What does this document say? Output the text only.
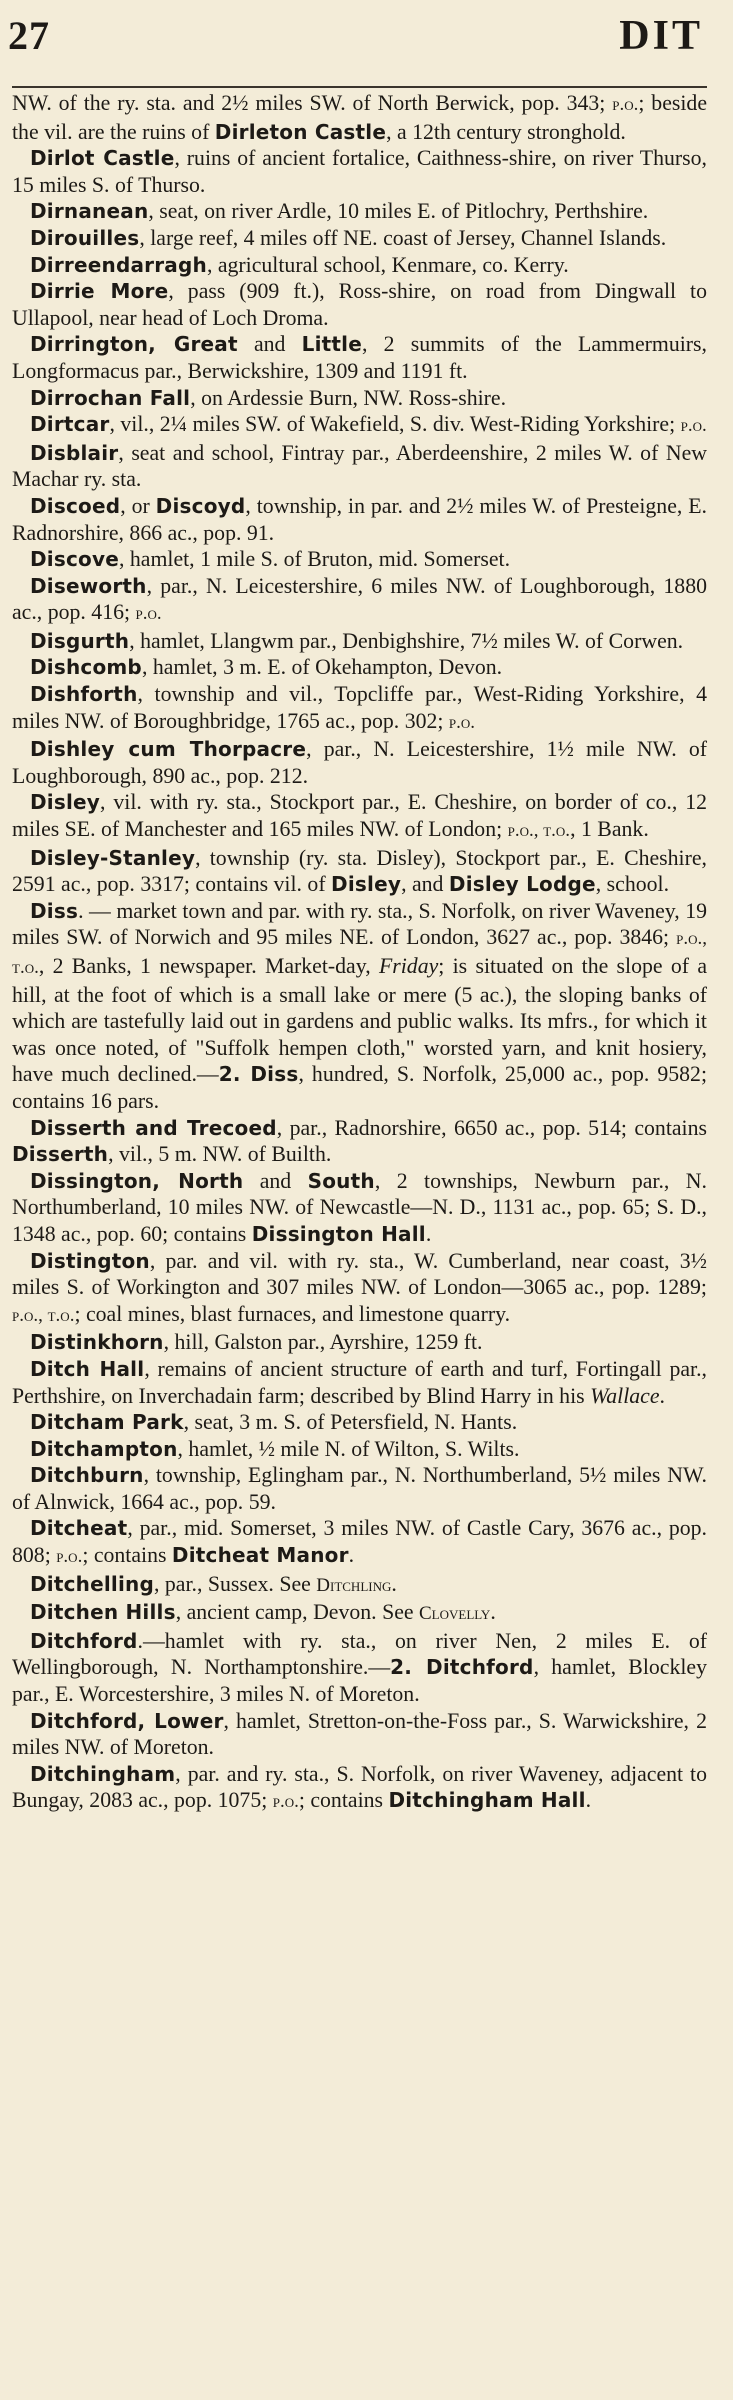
27	DIT

NW. of the ry. sta. and 2½ miles SW. of North Berwick, pop. 343; p.o.; beside the vil. are the ruins of Dirleton Castle, a 12th century stronghold.

Dirlot Castle, ruins of ancient fortalice, Caithness-shire, on river Thurso, 15 miles S. of Thurso.

Dirnanean, seat, on river Ardle, 10 miles E. of Pitlochry, Perthshire.

Dirouilles, large reef, 4 miles off NE. coast of Jersey, Channel Islands.

Dirreendarragh, agricultural school, Kenmare, co. Kerry.

Dirrie More, pass (909 ft.), Ross-shire, on road from Dingwall to Ullapool, near head of Loch Droma.

Dirrington, Great and Little, 2 summits of the Lammermuirs, Longformacus par., Berwickshire, 1309 and 1191 ft.

Dirrochan Fall, on Ardessie Burn, NW. Ross-shire.

Dirtcar, vil., 2¼ miles SW. of Wakefield, S. div. West-Riding Yorkshire; p.o.

Disblair, seat and school, Fintray par., Aberdeenshire, 2 miles W. of New Machar ry. sta.

Discoed, or Discoyd, township, in par. and 2½ miles W. of Presteigne, E. Radnorshire, 866 ac., pop. 91.

Discove, hamlet, 1 mile S. of Bruton, mid. Somerset.

Diseworth, par., N. Leicestershire, 6 miles NW. of Loughborough, 1880 ac., pop. 416; p.o.

Disgurth, hamlet, Llangwm par., Denbighshire, 7½ miles W. of Corwen.

Dishcomb, hamlet, 3 m. E. of Okehampton, Devon.

Dishforth, township and vil., Topcliffe par., West-Riding Yorkshire, 4 miles NW. of Boroughbridge, 1765 ac., pop. 302; p.o.

Dishley cum Thorpacre, par., N. Leicestershire, 1½ mile NW. of Loughborough, 890 ac., pop. 212.

Disley, vil. with ry. sta., Stockport par., E. Cheshire, on border of co., 12 miles SE. of Manchester and 165 miles NW. of London; p.o., t.o., 1 Bank.

Disley-Stanley, township (ry. sta. Disley), Stockport par., E. Cheshire, 2591 ac., pop. 3317; contains vil. of Disley, and Disley Lodge, school.

Diss. — market town and par. with ry. sta., S. Norfolk, on river Waveney, 19 miles SW. of Norwich and 95 miles NE. of London, 3627 ac., pop. 3846; p.o., t.o., 2 Banks, 1 newspaper. Market-day, Friday; is situated on the slope of a hill, at the foot of which is a small lake or mere (5 ac.), the sloping banks of which are tastefully laid out in gardens and public walks. Its mfrs., for which it was once noted, of "Suffolk hempen cloth," worsted yarn, and knit hosiery, have much declined.—2. Diss, hundred, S. Norfolk, 25,000 ac., pop. 9582; contains 16 pars.

Disserth and Trecoed, par., Radnorshire, 6650 ac., pop. 514; contains Disserth, vil., 5 m. NW. of Builth.

Dissington, North and South, 2 townships, Newburn par., N. Northumberland, 10 miles NW. of Newcastle—N. D., 1131 ac., pop. 65; S. D., 1348 ac., pop. 60; contains Dissington Hall.

Distington, par. and vil. with ry. sta., W. Cumberland, near coast, 3½ miles S. of Workington and 307 miles NW. of London—3065 ac., pop. 1289; p.o., t.o.; coal mines, blast furnaces, and limestone quarry.

Distinkhorn, hill, Galston par., Ayrshire, 1259 ft.

Ditch Hall, remains of ancient structure of earth and turf, Fortingall par., Perthshire, on Inverchadain farm; described by Blind Harry in his Wallace.

Ditcham Park, seat, 3 m. S. of Petersfield, N. Hants.

Ditchampton, hamlet, ½ mile N. of Wilton, S. Wilts.

Ditchburn, township, Eglingham par., N. Northumberland, 5½ miles NW. of Alnwick, 1664 ac., pop. 59.

Ditcheat, par., mid. Somerset, 3 miles NW. of Castle Cary, 3676 ac., pop. 808; p.o.; contains Ditcheat Manor.

Ditchelling, par., Sussex. See Ditchling.

Ditchen Hills, ancient camp, Devon. See Clovelly.

Ditchford.—hamlet with ry. sta., on river Nen, 2 miles E. of Wellingborough, N. Northamptonshire.—2. Ditchford, hamlet, Blockley par., E. Worcestershire, 3 miles N. of Moreton.

Ditchford, Lower, hamlet, Stretton-on-the-Foss par., S. Warwickshire, 2 miles NW. of Moreton.

Ditchingham, par. and ry. sta., S. Norfolk, on river Waveney, adjacent to Bungay, 2083 ac., pop. 1075; p.o.; contains Ditchingham Hall.
